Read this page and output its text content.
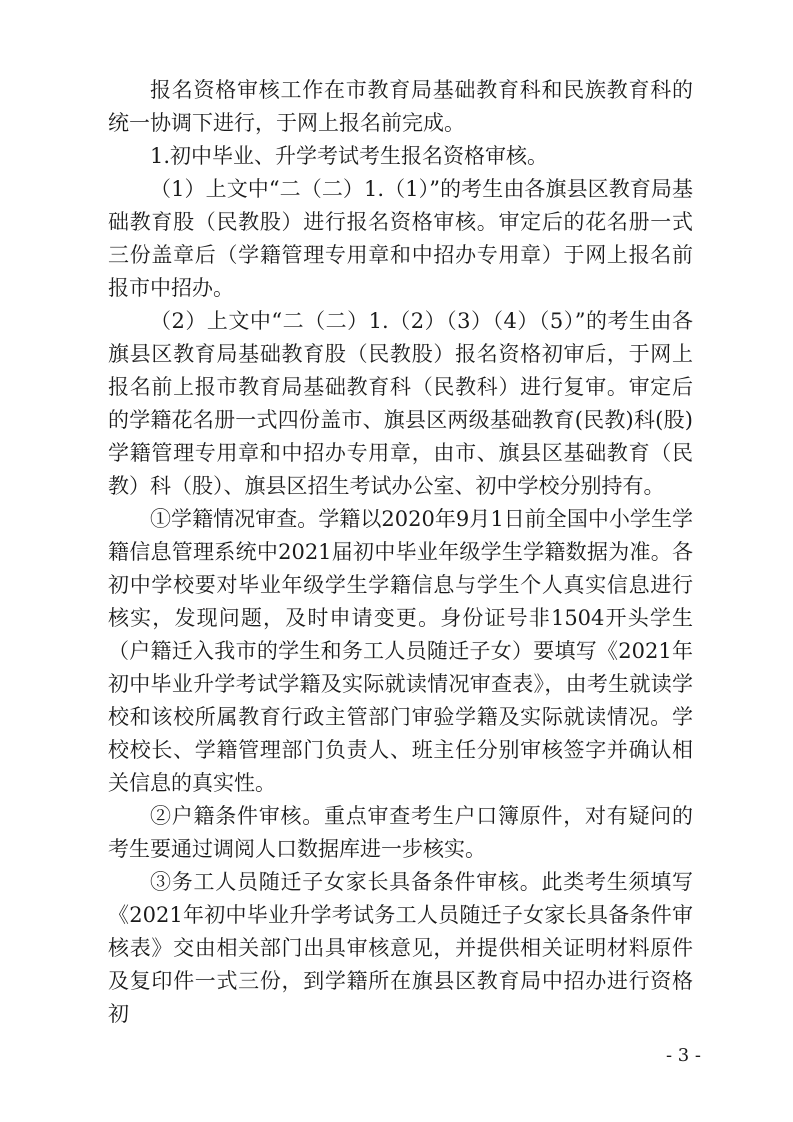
报名资格审核工作在市教育局基础教育科和民族教育科的统一协调下进行，于网上报名前完成。

1.初中毕业、升学考试考生报名资格审核。

（1）上文中“二（二）1.（1）”的考生由各旗县区教育局基础教育股（民教股）进行报名资格审核。审定后的花名册一式三份盖章后（学籍管理专用章和中招办专用章）于网上报名前报市中招办。

（2）上文中“二（二）1.（2）（3）（4）（5）”的考生由各旗县区教育局基础教育股（民教股）报名资格初审后，于网上报名前上报市教育局基础教育科（民教科）进行复审。审定后的学籍花名册一式四份盖市、旗县区两级基础教育(民教)科(股)学籍管理专用章和中招办专用章，由市、旗县区基础教育（民教）科（股）、旗县区招生考试办公室、初中学校分别持有。

①学籍情况审查。学籍以2020年9月1日前全国中小学生学籍信息管理系统中2021届初中毕业年级学生学籍数据为准。各初中学校要对毕业年级学生学籍信息与学生个人真实信息进行核实，发现问题，及时申请变更。身份证号非1504开头学生（户籍迁入我市的学生和务工人员随迁子女）要填写《2021年初中毕业升学考试学籍及实际就读情况审查表》，由考生就读学校和该校所属教育行政主管部门审验学籍及实际就读情况。学校校长、学籍管理部门负责人、班主任分别审核签字并确认相关信息的真实性。

②户籍条件审核。重点审查考生户口簿原件，对有疑问的考生要通过调阅人口数据库进一步核实。

③务工人员随迁子女家长具备条件审核。此类考生须填写《2021年初中毕业升学考试务工人员随迁子女家长具备条件审核表》交由相关部门出具审核意见，并提供相关证明材料原件及复印件一式三份，到学籍所在旗县区教育局中招办进行资格初

- 3 -
